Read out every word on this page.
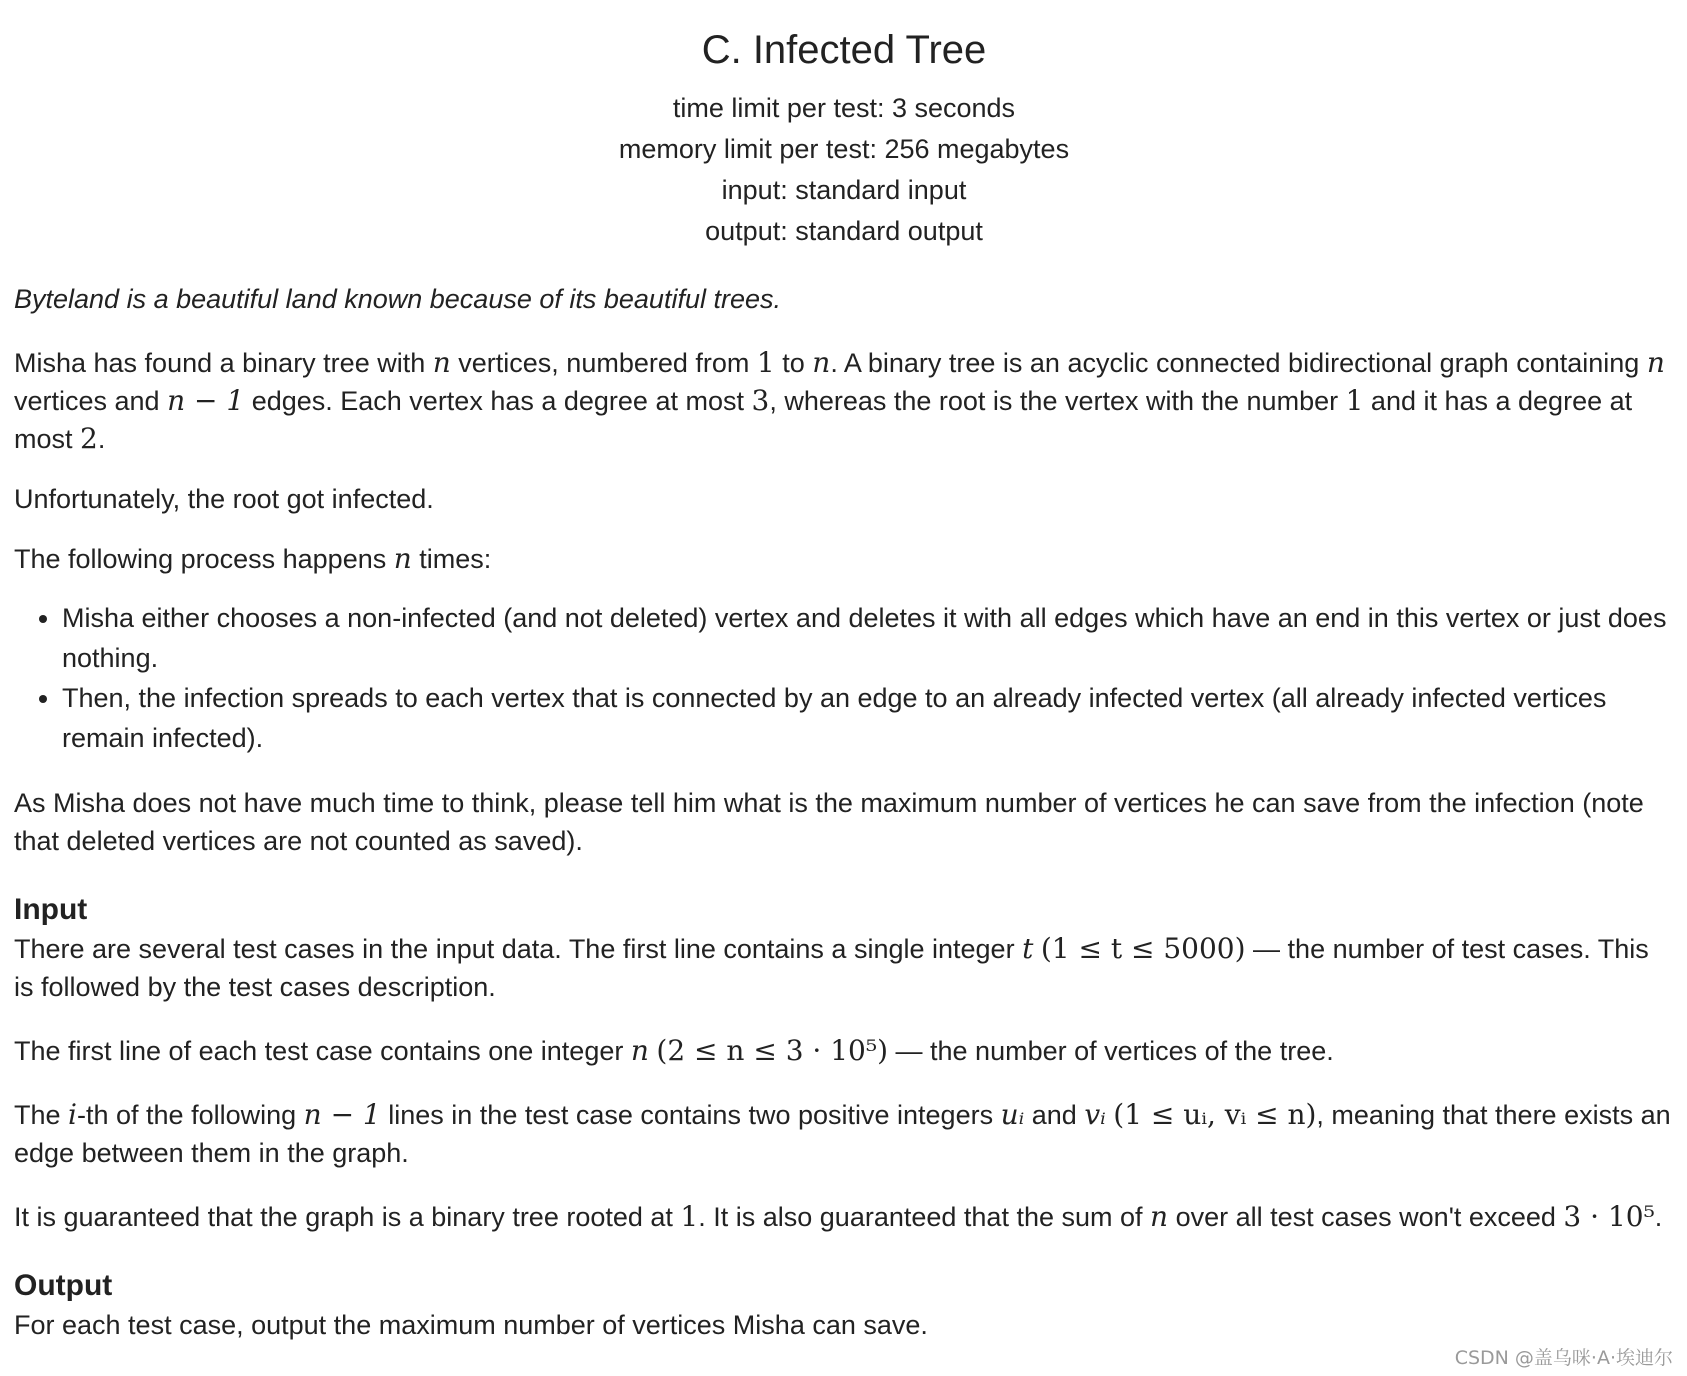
C. Infected Tree
time limit per test: 3 seconds
memory limit per test: 256 megabytes
input: standard input
output: standard output

Byteland is a beautiful land known because of its beautiful trees.

Misha has found a binary tree with n vertices, numbered from 1 to n. A binary tree is an acyclic connected bidirectional graph containing n vertices and n − 1 edges. Each vertex has a degree at most 3, whereas the root is the vertex with the number 1 and it has a degree at most 2.

Unfortunately, the root got infected.

The following process happens n times:

• Misha either chooses a non-infected (and not deleted) vertex and deletes it with all edges which have an end in this vertex or just does nothing.
• Then, the infection spreads to each vertex that is connected by an edge to an already infected vertex (all already infected vertices remain infected).

As Misha does not have much time to think, please tell him what is the maximum number of vertices he can save from the infection (note that deleted vertices are not counted as saved).

Input

There are several test cases in the input data. The first line contains a single integer t (1 ≤ t ≤ 5000) — the number of test cases. This is followed by the test cases description.

The first line of each test case contains one integer n (2 ≤ n ≤ 3 · 10⁵) — the number of vertices of the tree.

The i-th of the following n − 1 lines in the test case contains two positive integers uᵢ and vᵢ (1 ≤ uᵢ, vᵢ ≤ n), meaning that there exists an edge between them in the graph.

It is guaranteed that the graph is a binary tree rooted at 1. It is also guaranteed that the sum of n over all test cases won't exceed 3 · 10⁵.

Output

For each test case, output the maximum number of vertices Misha can save.

CSDN @盖乌咪·A·埃迪尔
